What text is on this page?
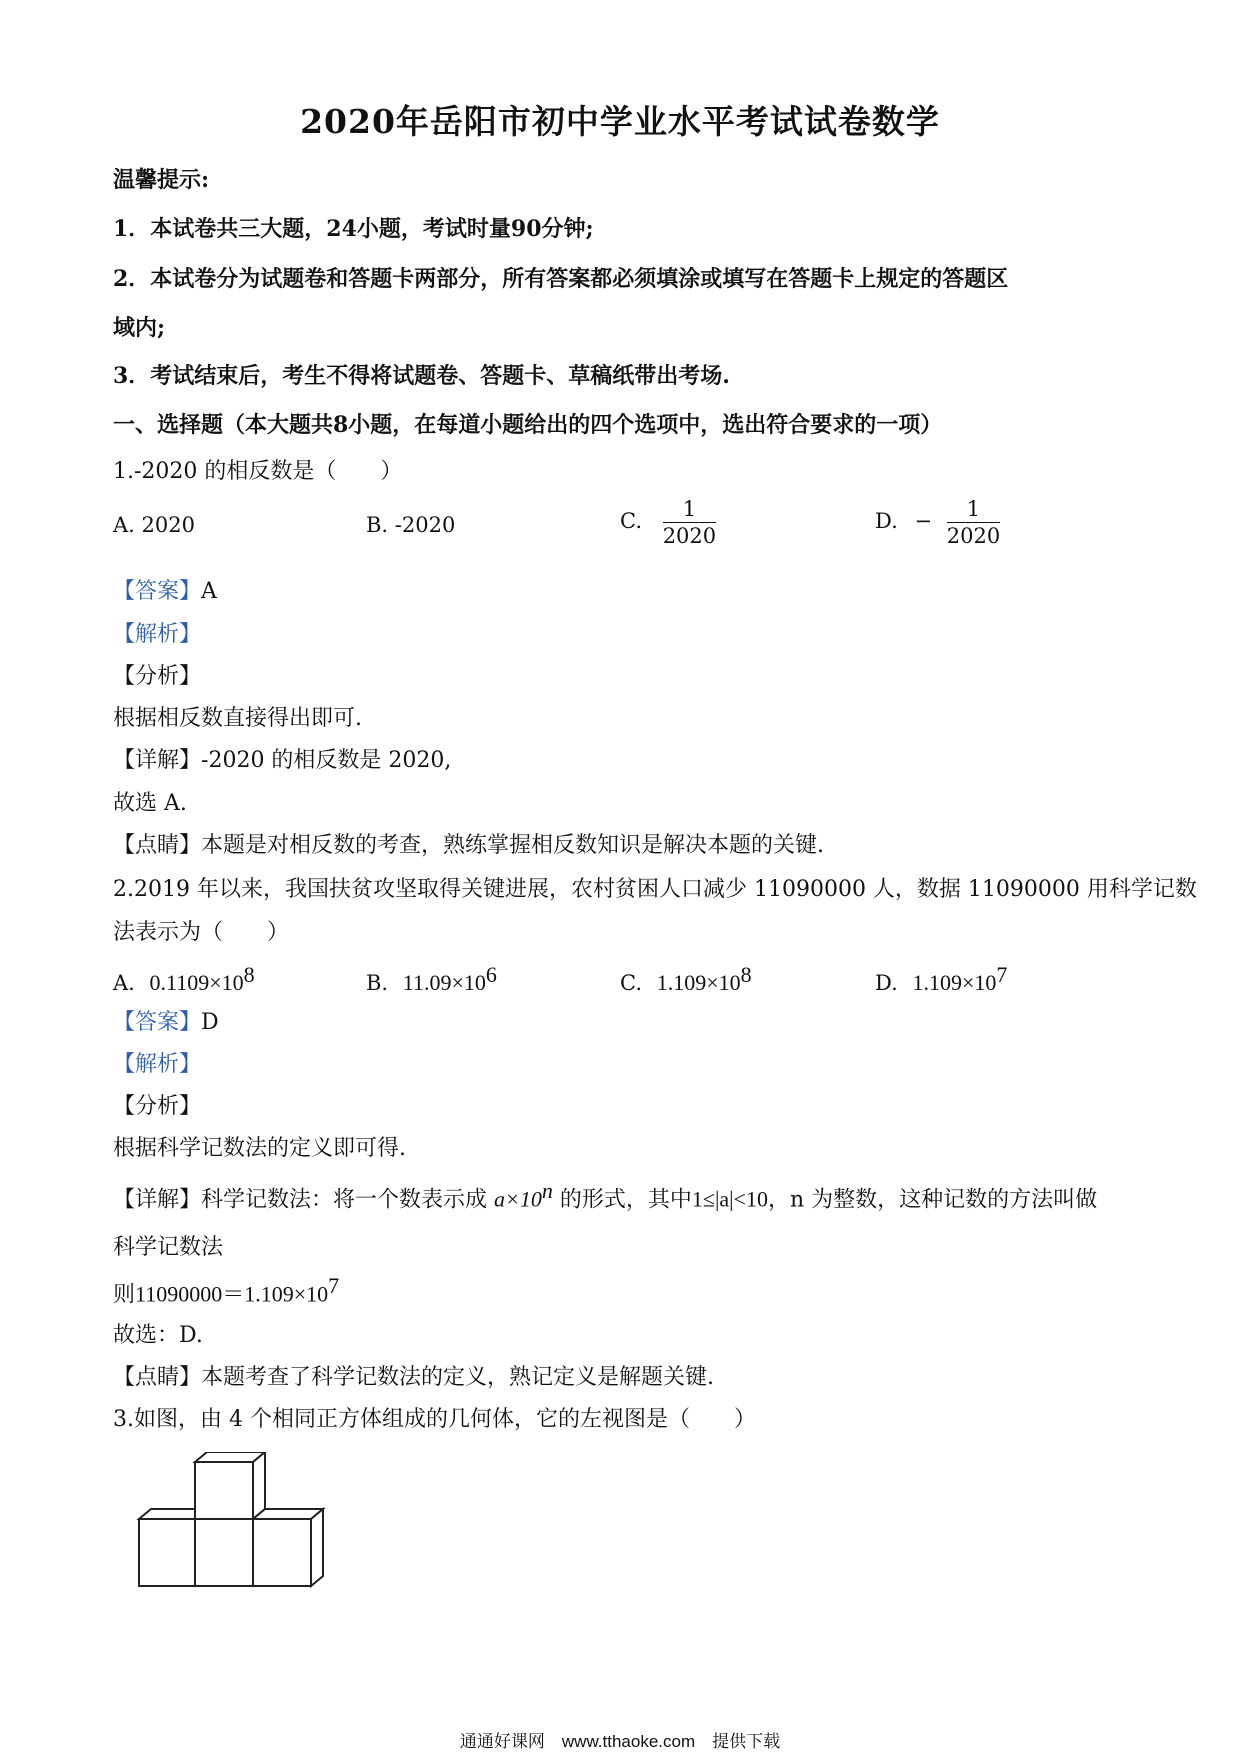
2020年岳阳市初中学业水平考试试卷数学
温馨提示:
1．本试卷共三大题，24小题，考试时量90分钟;
2．本试卷分为试题卷和答题卡两部分，所有答案都必须填涂或填写在答题卡上规定的答题区
域内;
3．考试结束后，考生不得将试题卷、答题卡、草稿纸带出考场.
一、选择题（本大题共8小题，在每道小题给出的四个选项中，选出符合要求的一项）
1.-2020 的相反数是（　　）
A. 2020	B. -2020	C. $\frac{1}{2020}$	D. − $\frac{1}{2020}$
【答案】A
【解析】
【分析】
根据相反数直接得出即可.
【详解】-2020 的相反数是 2020,
故选 A.
【点睛】本题是对相反数的考查，熟练掌握相反数知识是解决本题的关键.
2.2019 年以来，我国扶贫攻坚取得关键进展，农村贫困人口减少 11090000 人，数据 11090000 用科学记数
法表示为（　　）
A. $0.1109\times 10^8$	B. $11.09\times 10^6$	C. $1.109\times 10^8$	D. $1.109\times 10^7$
【答案】D
【解析】
【分析】
根据科学记数法的定义即可得.
【详解】科学记数法：将一个数表示成 $a\times 10^n$ 的形式，其中1≤|a|<10，n 为整数，这种记数的方法叫做
科学记数法
则$11090000=1.109\times 10^7$
故选：D.
【点睛】本题考查了科学记数法的定义，熟记定义是解题关键.
3.如图，由 4 个相同正方体组成的几何体，它的左视图是（　　）
通通好课网　www.tthaoke.com　提供下载
